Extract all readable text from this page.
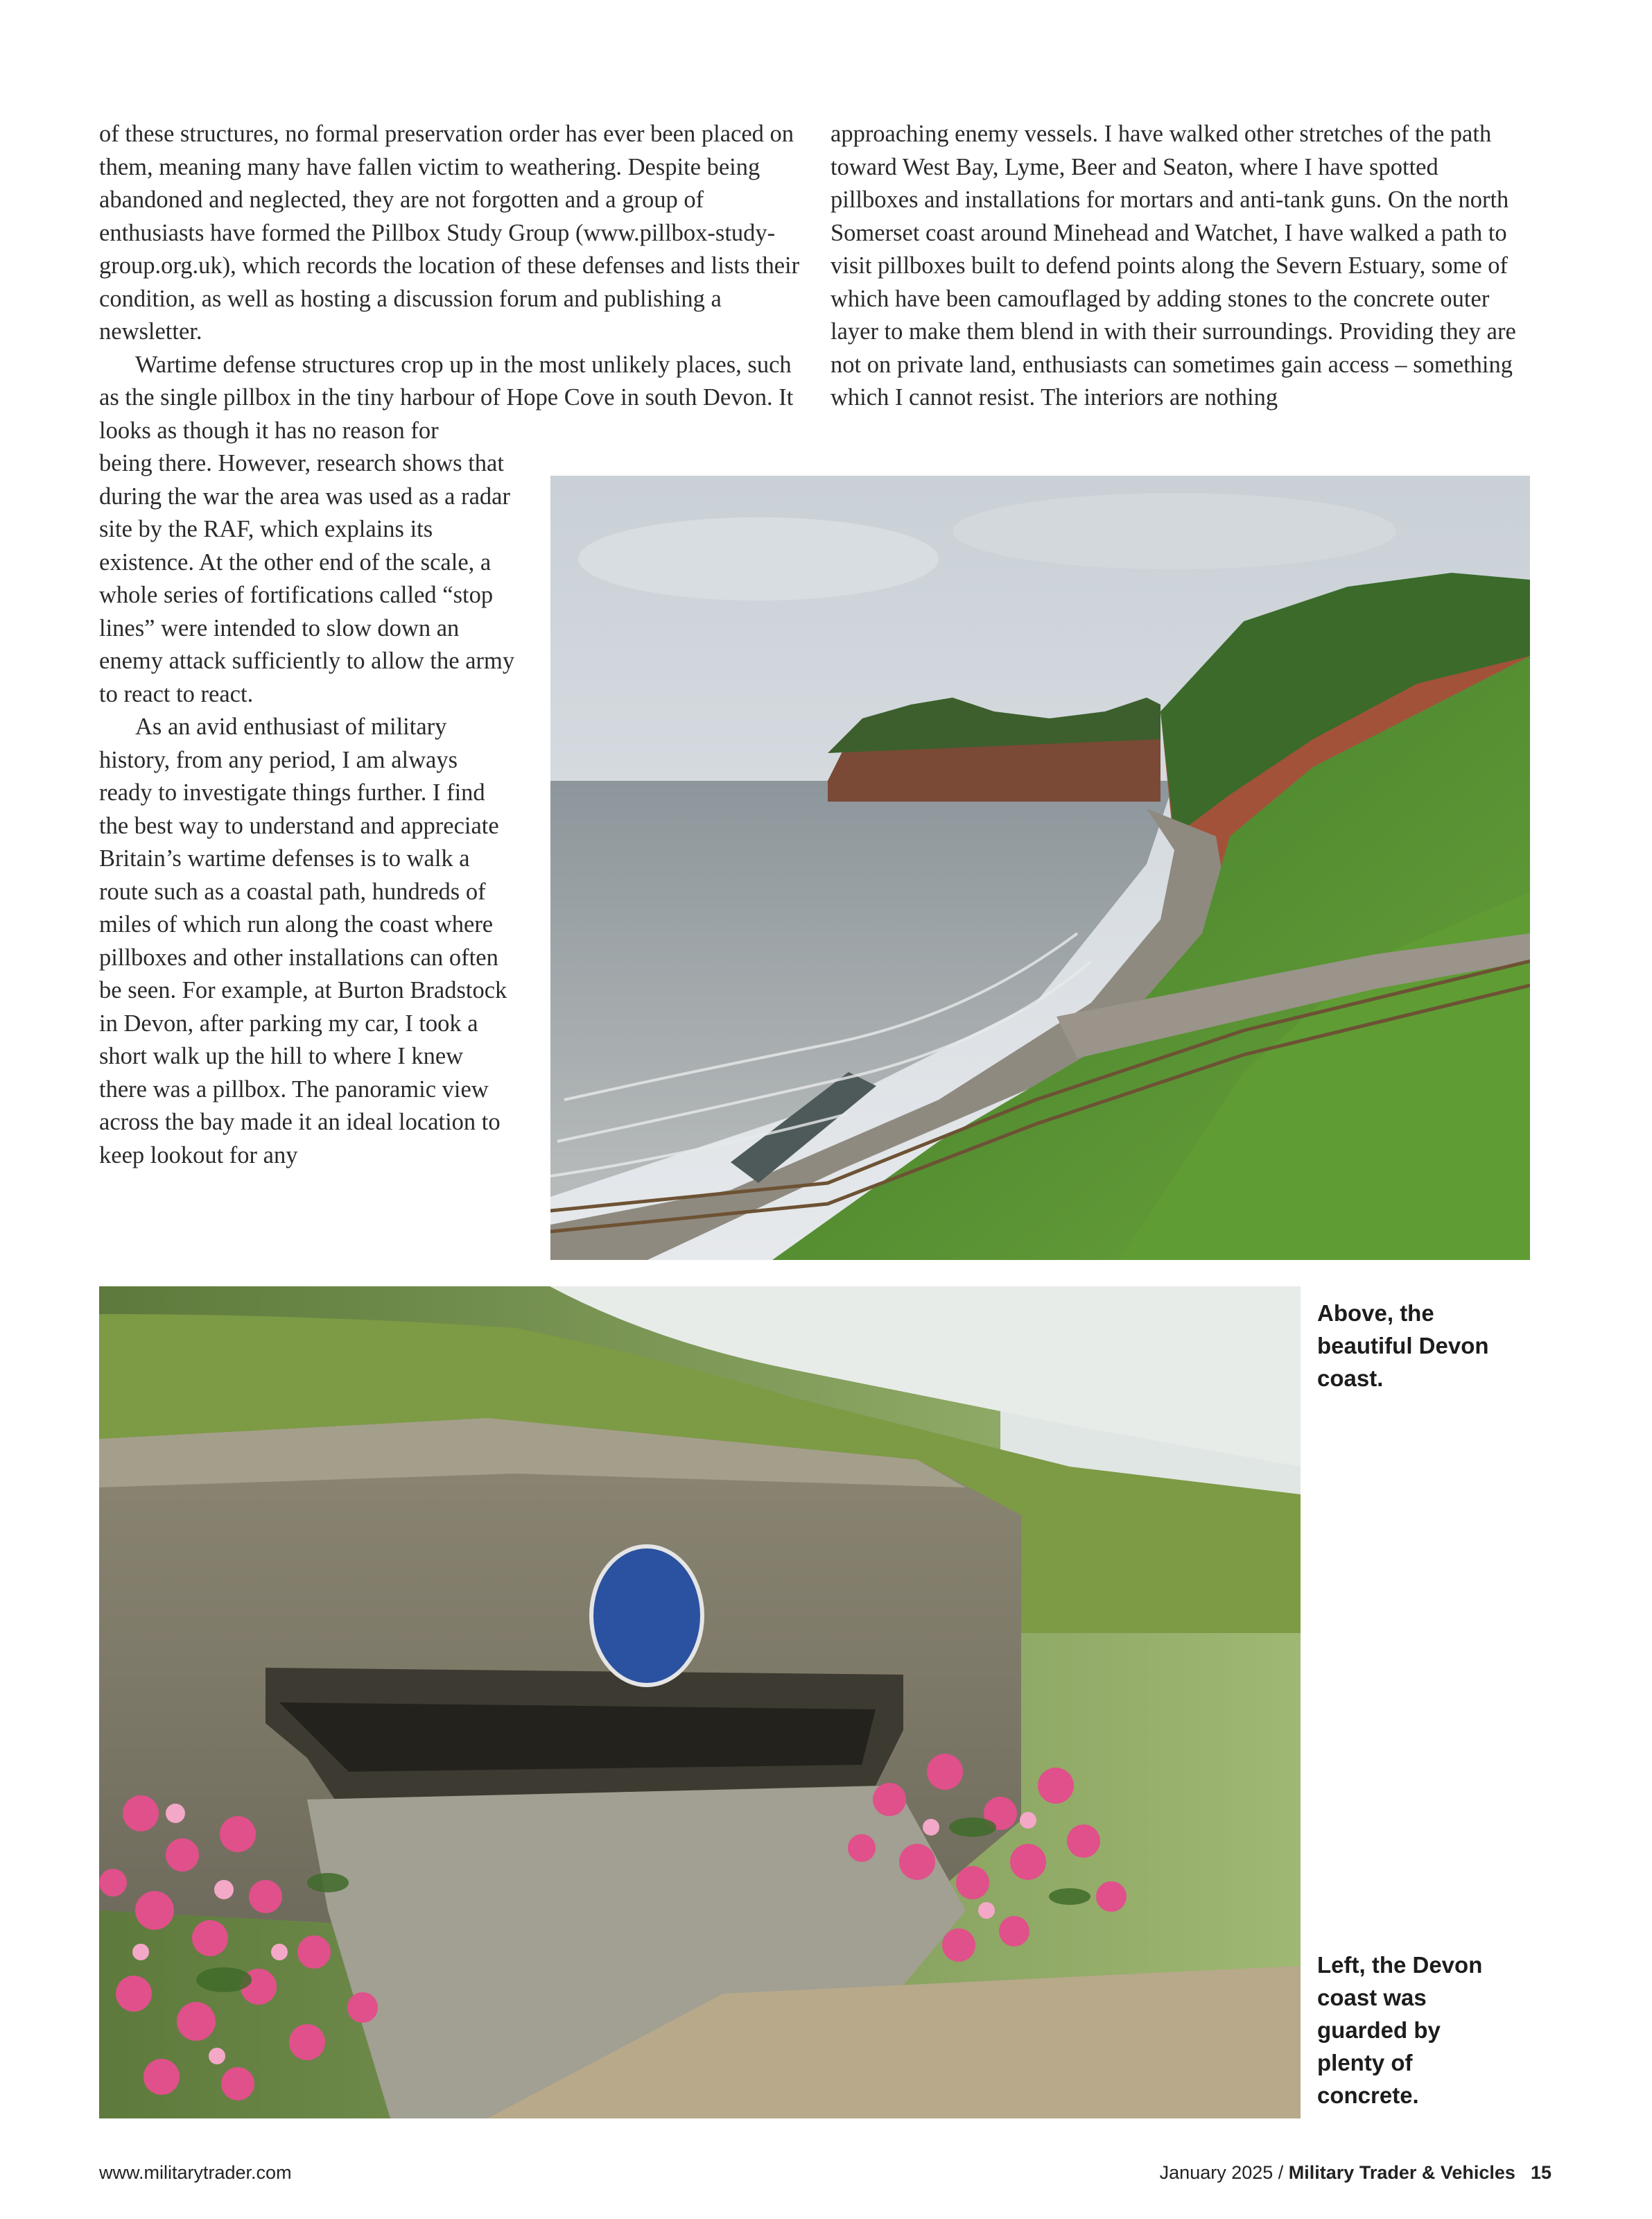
of these structures, no formal preservation order has ever been placed on them, meaning many have fallen victim to weathering. Despite being abandoned and neglected, they are not forgotten and a group of enthusiasts have formed the Pillbox Study Group (www.pillbox-study-group.org.uk), which records the location of these defenses and lists their condition, as well as hosting a discussion forum and publishing a newsletter.

Wartime defense structures crop up in the most unlikely places, such as the single pillbox in the tiny harbour of Hope Cove in south Devon. It looks as though it has no reason for

being there. However, research shows that during the war the area was used as a radar site by the RAF, which explains its existence. At the other end of the scale, a whole series of fortifications called “stop lines” were intended to slow down an enemy attack sufficiently to allow the army to react to react.

As an avid enthusiast of military history, from any period, I am always ready to investigate things further. I find the best way to understand and appreciate Britain’s wartime defenses is to walk a route such as a coastal path, hundreds of miles of which run along the coast where pillboxes and other installations can often be seen. For example, at Burton Bradstock in Devon, after parking my car, I took a short walk up the hill to where I knew there was a pillbox. The panoramic view across the bay made it an ideal location to keep lookout for any

approaching enemy vessels. I have walked other stretches of the path toward West Bay, Lyme, Beer and Seaton, where I have spotted pillboxes and installations for mortars and anti-tank guns. On the north Somerset coast around Minehead and Watchet, I have walked a path to visit pillboxes built to defend points along the Severn Estuary, some of which have been camouflaged by adding stones to the concrete outer layer to make them blend in with their surroundings. Providing they are not on private land, enthusiasts can sometimes gain access – something which I cannot resist. The interiors are nothing

Above, the beautiful Devon coast.
Left, the Devon coast was guarded by plenty of concrete.
www.militarytrader.com	January 2025 / Military Trader & Vehicles 15
